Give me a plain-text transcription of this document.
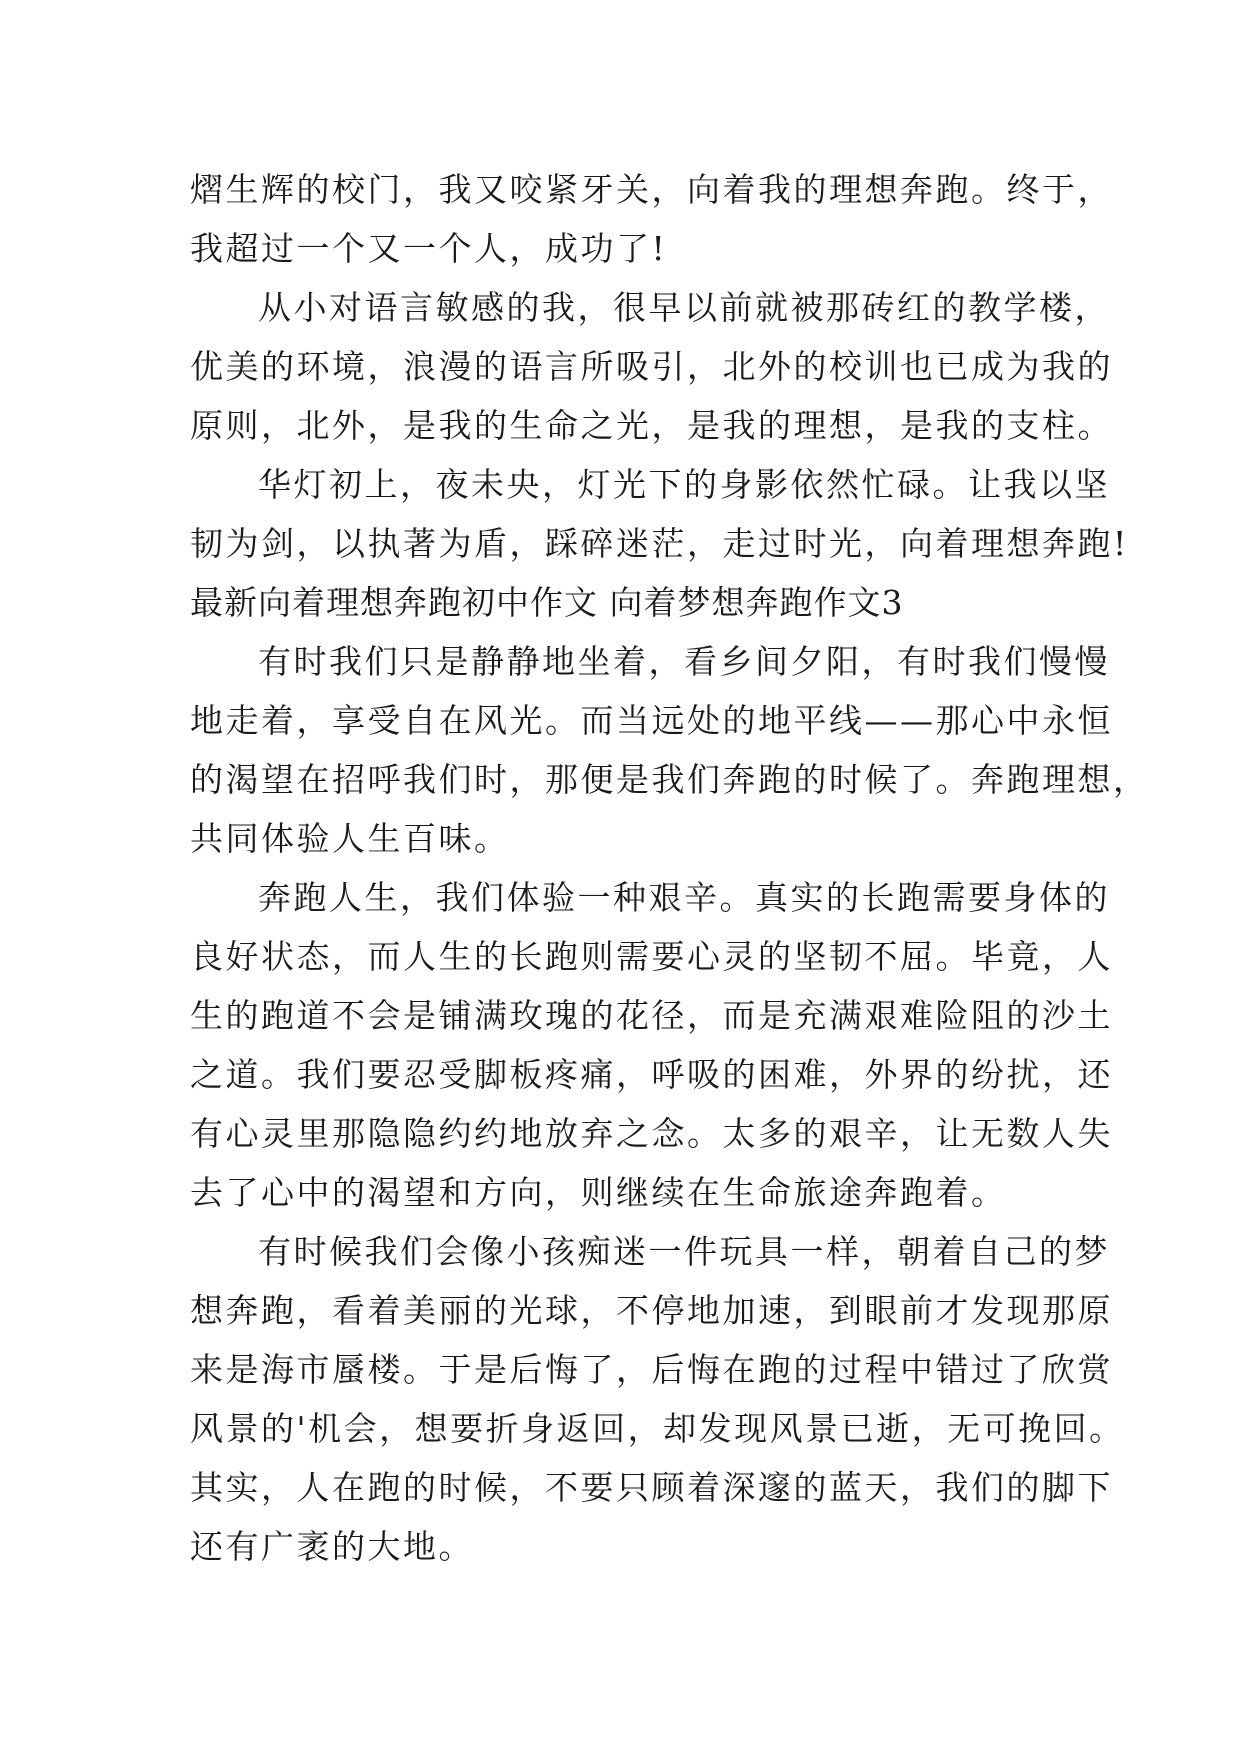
熠生辉的校门，我又咬紧牙关，向着我的理想奔跑。终于，
我超过一个又一个人，成功了!
从小对语言敏感的我，很早以前就被那砖红的教学楼，
优美的环境，浪漫的语言所吸引，北外的校训也已成为我的
原则，北外，是我的生命之光，是我的理想，是我的支柱。
华灯初上，夜未央，灯光下的身影依然忙碌。让我以坚
韧为剑，以执著为盾，踩碎迷茫，走过时光，向着理想奔跑!
最新向着理想奔跑初中作文 向着梦想奔跑作文3
有时我们只是静静地坐着，看乡间夕阳，有时我们慢慢
地走着，享受自在风光。而当远处的地平线——那心中永恒
的渴望在招呼我们时，那便是我们奔跑的时候了。奔跑理想，
共同体验人生百味。
奔跑人生，我们体验一种艰辛。真实的长跑需要身体的
良好状态，而人生的长跑则需要心灵的坚韧不屈。毕竟，人
生的跑道不会是铺满玫瑰的花径，而是充满艰难险阻的沙土
之道。我们要忍受脚板疼痛，呼吸的困难，外界的纷扰，还
有心灵里那隐隐约约地放弃之念。太多的艰辛，让无数人失
去了心中的渴望和方向，则继续在生命旅途奔跑着。
有时候我们会像小孩痴迷一件玩具一样，朝着自己的梦
想奔跑，看着美丽的光球，不停地加速，到眼前才发现那原
来是海市蜃楼。于是后悔了，后悔在跑的过程中错过了欣赏
风景的'机会，想要折身返回，却发现风景已逝，无可挽回。
其实，人在跑的时候，不要只顾着深邃的蓝天，我们的脚下
还有广袤的大地。
